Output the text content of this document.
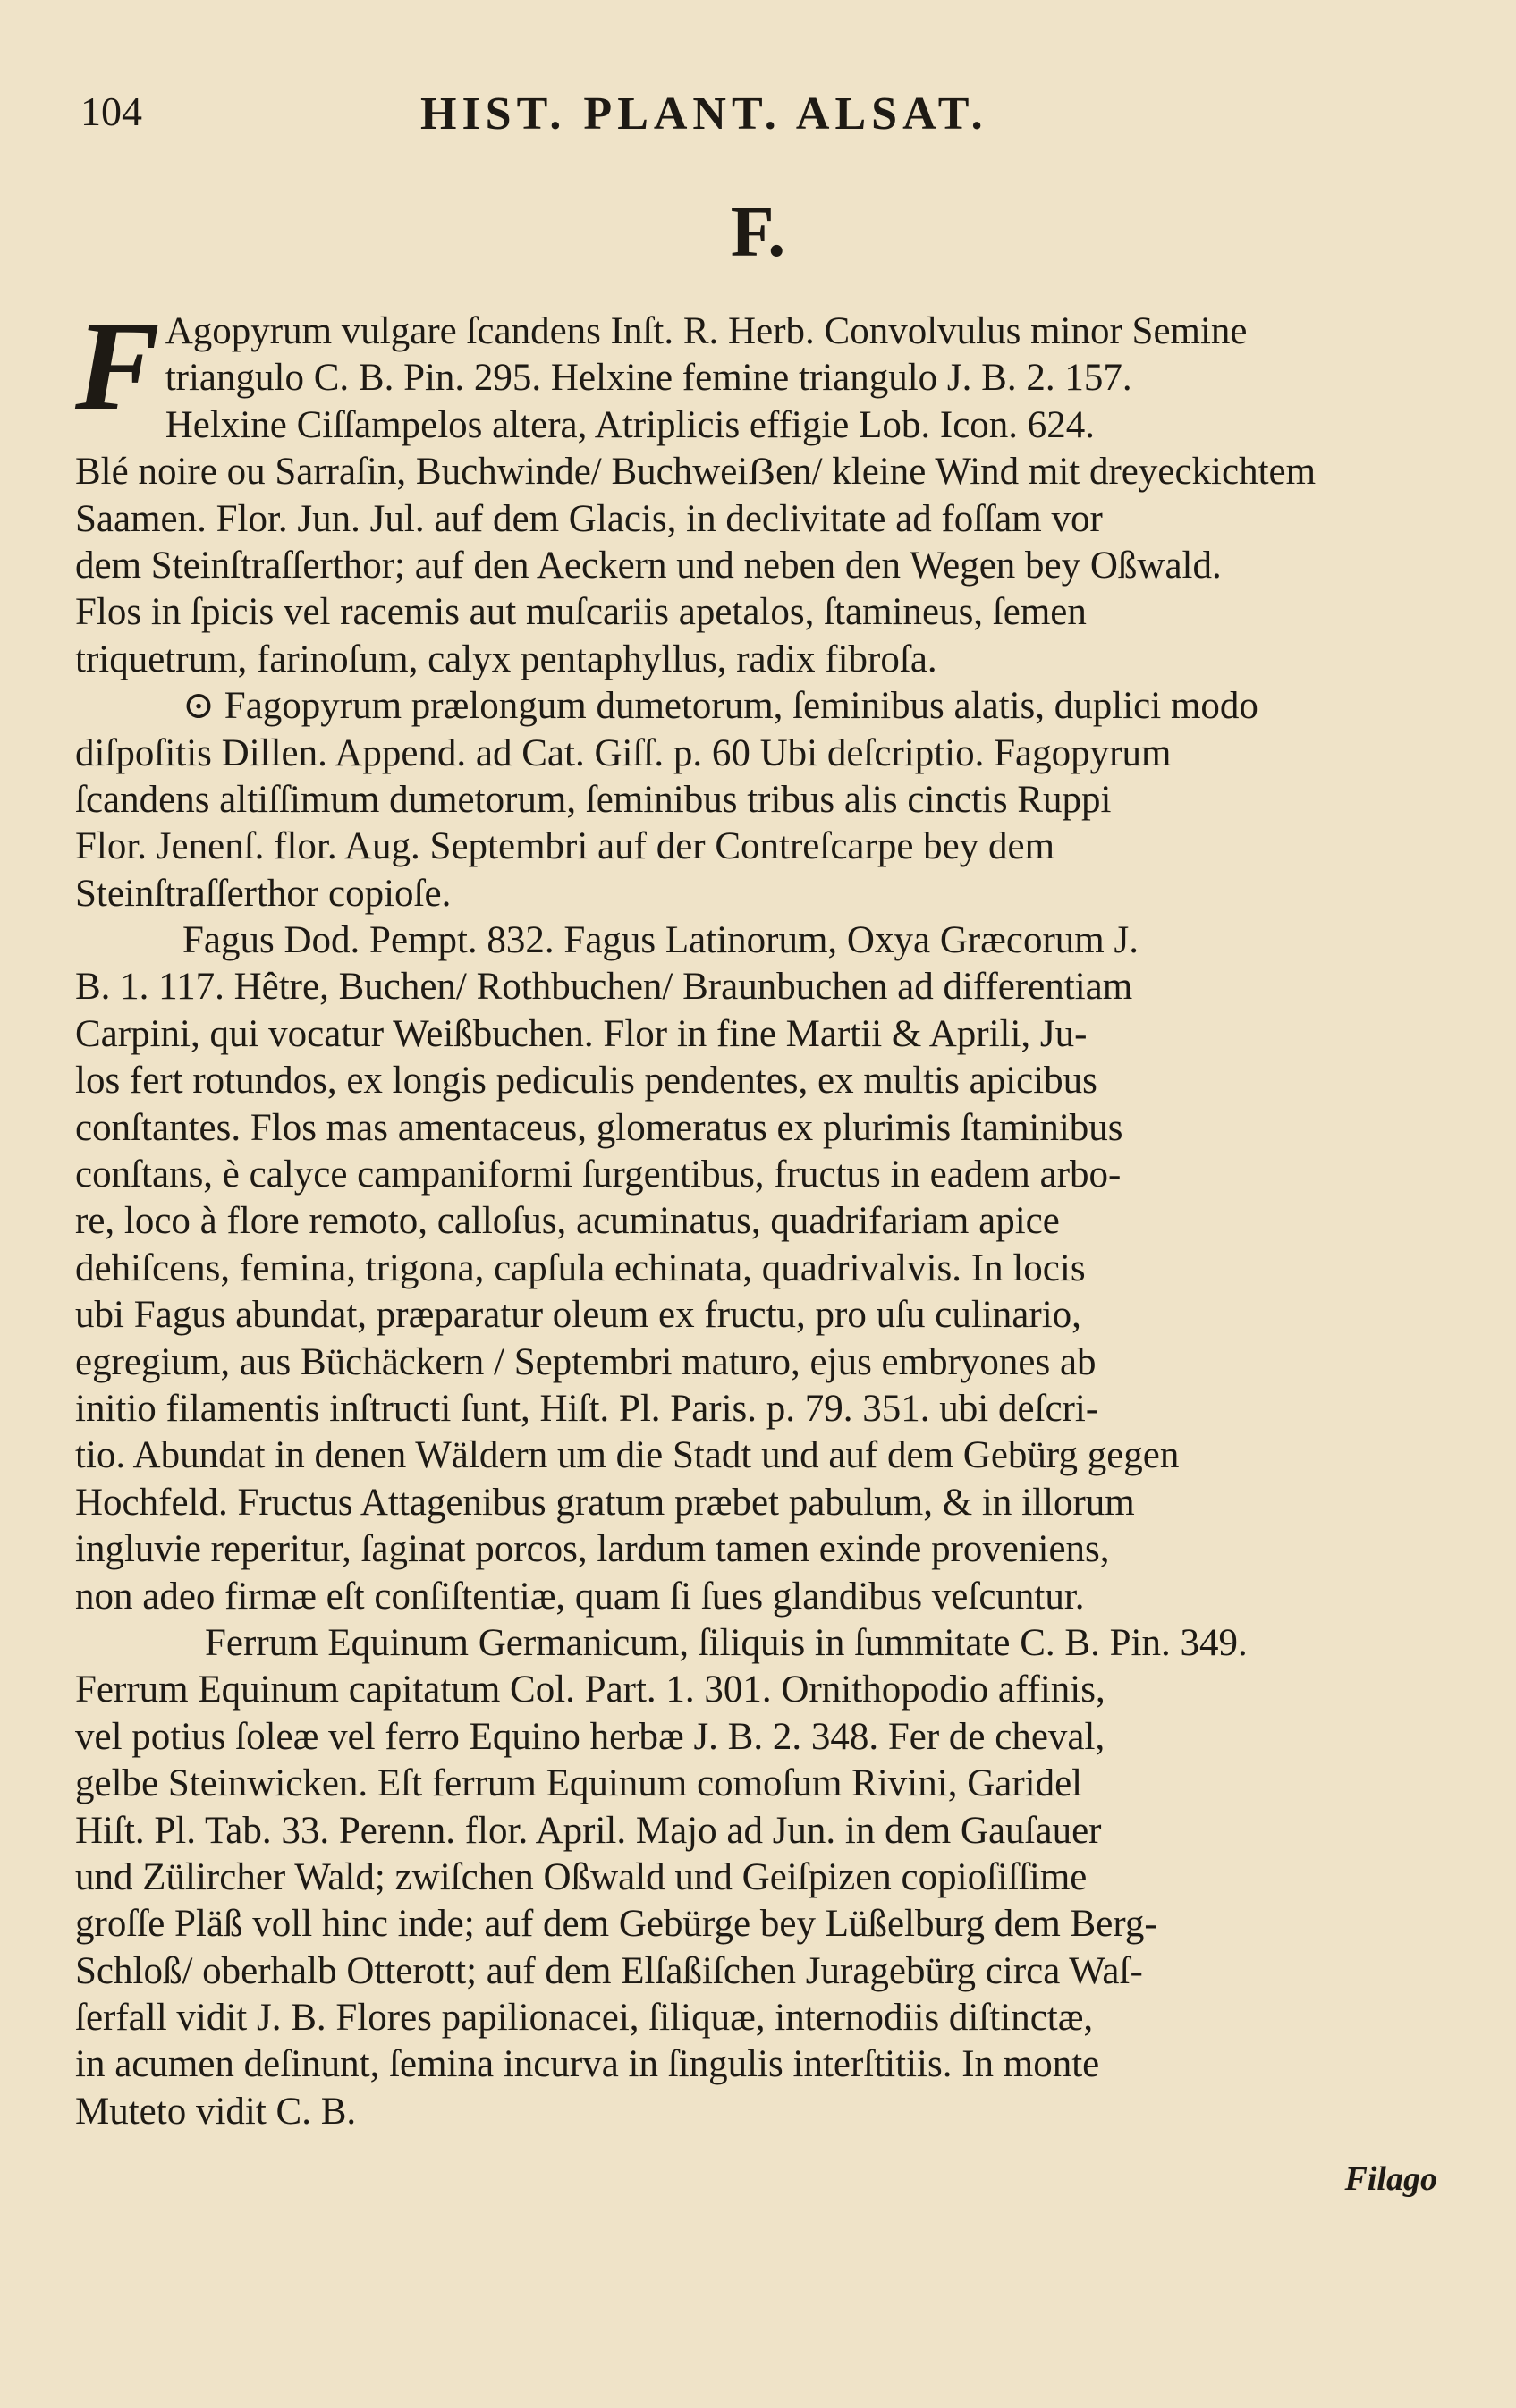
104	HIST. PLANT. ALSAT.
F.
F Agopyrum vulgare ſcandens Inſt. R. Herb. Convolvulus minor Semine
triangulo C. B. Pin. 295. Helxine femine triangulo J. B. 2. 157.
Helxine Ciſſampelos altera, Atriplicis effigie Lob. Icon. 624.
Blé noire ou Sarraſin, Buchwinde/ Buchweiẞen/ kleine Wind mit dreyeckichtem
Saamen. Flor. Jun. Jul. auf dem Glacis, in declivitate ad foſſam vor
dem Steinſtraſſerthor; auf den Aeckern und neben den Wegen bey Oßwald.
Flos in ſpicis vel racemis aut muſcariis apetalos, ſtamineus, ſemen
triquetrum, farinoſum, calyx pentaphyllus, radix fibroſa.
⊙ Fagopyrum prælongum dumetorum, ſeminibus alatis, duplici modo
diſpoſitis Dillen. Append. ad Cat. Giſſ. p. 60 Ubi deſcriptio. Fagopyrum
ſcandens altiſſimum dumetorum, ſeminibus tribus alis cinctis Ruppi
Flor. Jenenſ. flor. Aug. Septembri auf der Contreſcarpe bey dem
Steinſtraſſerthor copioſe.
Fagus Dod. Pempt. 832. Fagus Latinorum, Oxya Græcorum J.
B. 1. 117. Hêtre, Buchen/ Rothbuchen/ Braunbuchen ad differentiam
Carpini, qui vocatur Weißbuchen. Flor in fine Martii & Aprili, Ju-
los fert rotundos, ex longis pediculis pendentes, ex multis apicibus
conſtantes. Flos mas amentaceus, glomeratus ex plurimis ſtaminibus
conſtans, è calyce campaniformi ſurgentibus, fructus in eadem arbo-
re, loco à flore remoto, calloſus, acuminatus, quadrifariam apice
dehiſcens, femina, trigona, capſula echinata, quadrivalvis. In locis
ubi Fagus abundat, præparatur oleum ex fructu, pro uſu culinario,
egregium, aus Büchäckern / Septembri maturo, ejus embryones ab
initio filamentis inſtructi ſunt, Hiſt. Pl. Paris. p. 79. 351. ubi deſcri-
tio. Abundat in denen Wäldern um die Stadt und auf dem Gebürg gegen
Hochfeld. Fructus Attagenibus gratum præbet pabulum, & in illorum
ingluvie reperitur, ſaginat porcos, lardum tamen exinde proveniens,
non adeo firmæ eſt conſiſtentiæ, quam ſi ſues glandibus veſcuntur.
Ferrum Equinum Germanicum, ſiliquis in ſummitate C. B. Pin. 349.
Ferrum Equinum capitatum Col. Part. 1. 301. Ornithopodio affinis,
vel potius ſoleæ vel ferro Equino herbæ J. B. 2. 348. Fer de cheval,
gelbe Steinwicken. Eſt ferrum Equinum comoſum Rivini, Garidel
Hiſt. Pl. Tab. 33. Perenn. flor. April. Majo ad Jun. in dem Gauſauer
und Zülircher Wald; zwiſchen Oßwald und Geiſpizen copioſiſſime
groſſe Pläß voll hinc inde; auf dem Gebürge bey Lüßelburg dem Berg-
Schloß/ oberhalb Otterott; auf dem Elſaßiſchen Juragebürg circa Waſ-
ſerfall vidit J. B. Flores papilionacei, ſiliquæ, internodiis diſtinctæ,
in acumen deſinunt, ſemina incurva in ſingulis interſtitiis. In monte
Muteto vidit C. B.
Filago
